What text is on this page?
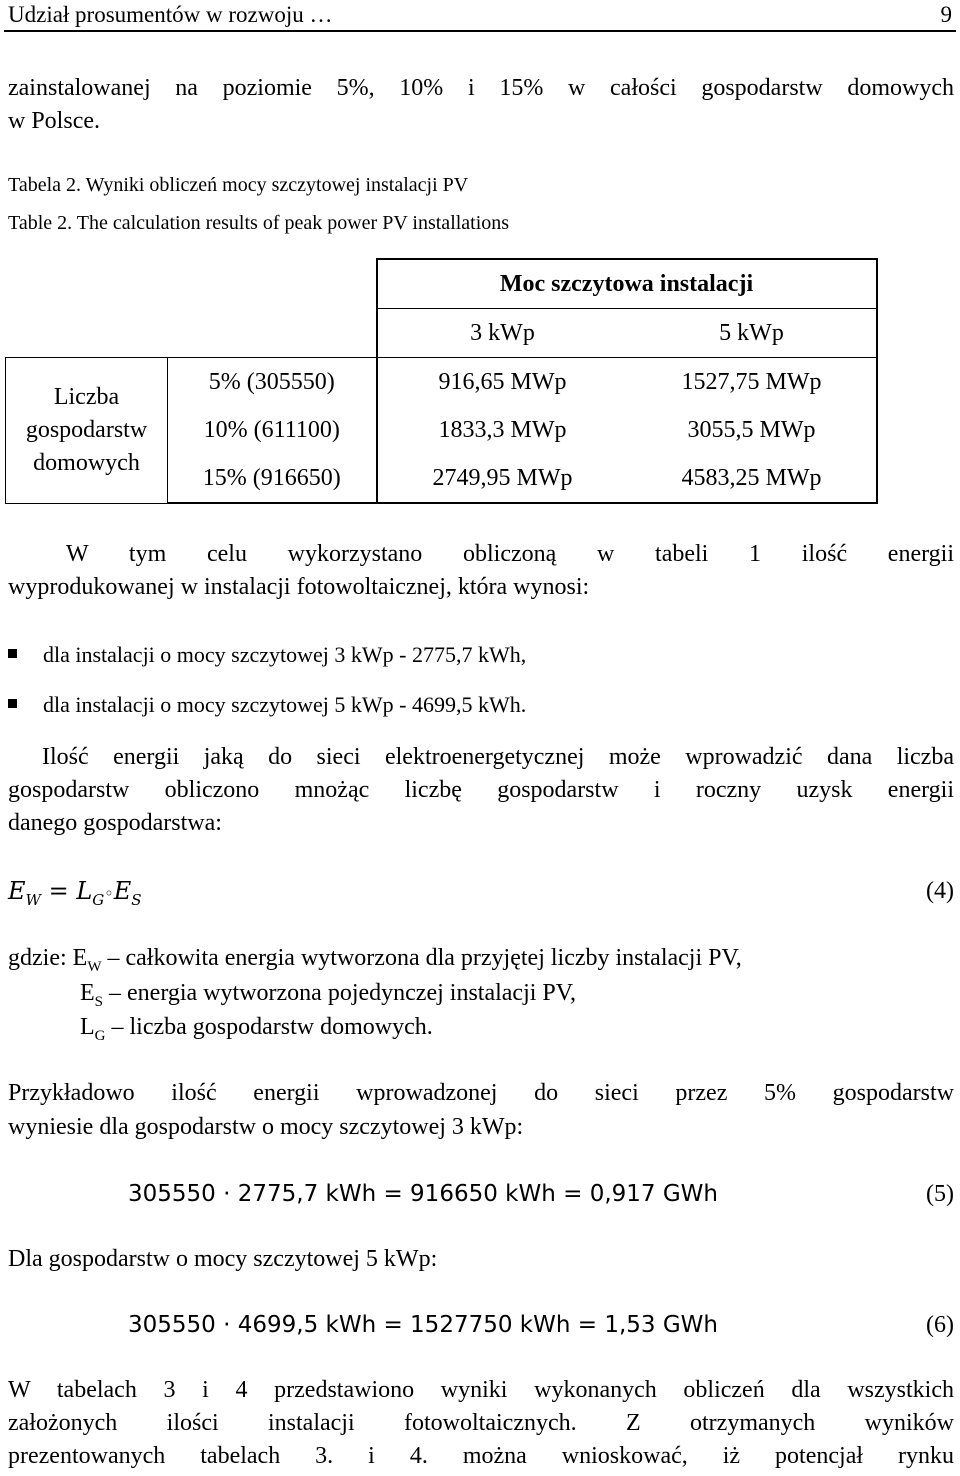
Udział prosumentów w rozwoju …	9

zainstalowanej na poziomie 5%, 10% i 15% w całości gospodarstw domowych

w Polsce.

Tabela 2. Wyniki obliczeń mocy szczytowej instalacji PV
Table 2. The calculation results of peak power PV installations
		Moc szczytowa instalacji	
		3 kWp	5 kWp
Liczba
gospodarstw
domowych	5% (305550)	916,65 MWp	1527,75 MWp
	10% (611100)	1833,3 MWp	3055,5 MWp
	15% (916650)	2749,95 MWp	4583,25 MWp

W tym celu wykorzystano obliczoną w tabeli 1 ilość energii

wyprodukowanej w instalacji fotowoltaicznej, która wynosi:

dla instalacji o mocy szczytowej 3 kWp - 2775,7 kWh,
dla instalacji o mocy szczytowej 5 kWp - 4699,5 kWh.

Ilość energii jaką do sieci elektroenergetycznej może wprowadzić dana liczba

gospodarstw obliczono mnożąc liczbę gospodarstw i roczny uzysk energii

danego gospodarstwa:

$E_W$ = $L_G◦E_S$	(4)
gdzie: $E_W$ – całkowita energia wytworzona dla przyjętej liczby instalacji PV,
$E_S$ – energia wytworzona pojedynczej instalacji PV,
$L_G$ – liczba gospodarstw domowych.

Przykładowo ilość energii wprowadzonej do sieci przez 5% gospodarstw

wyniesie dla gospodarstw o mocy szczytowej 3 kWp:

305550 · 2775,7 kWh = 916650 kWh = 0,917 GWh	(5)

Dla gospodarstw o mocy szczytowej 5 kWp:

305550 · 4699,5 kWh = 1527750 kWh = 1,53 GWh	(6)

W tabelach 3 i 4 przedstawiono wyniki wykonanych obliczeń dla wszystkich

założonych ilości instalacji fotowoltaicznych. Z otrzymanych wyników

prezentowanych tabelach 3. i 4. można wnioskować, iż potencjał rynku
